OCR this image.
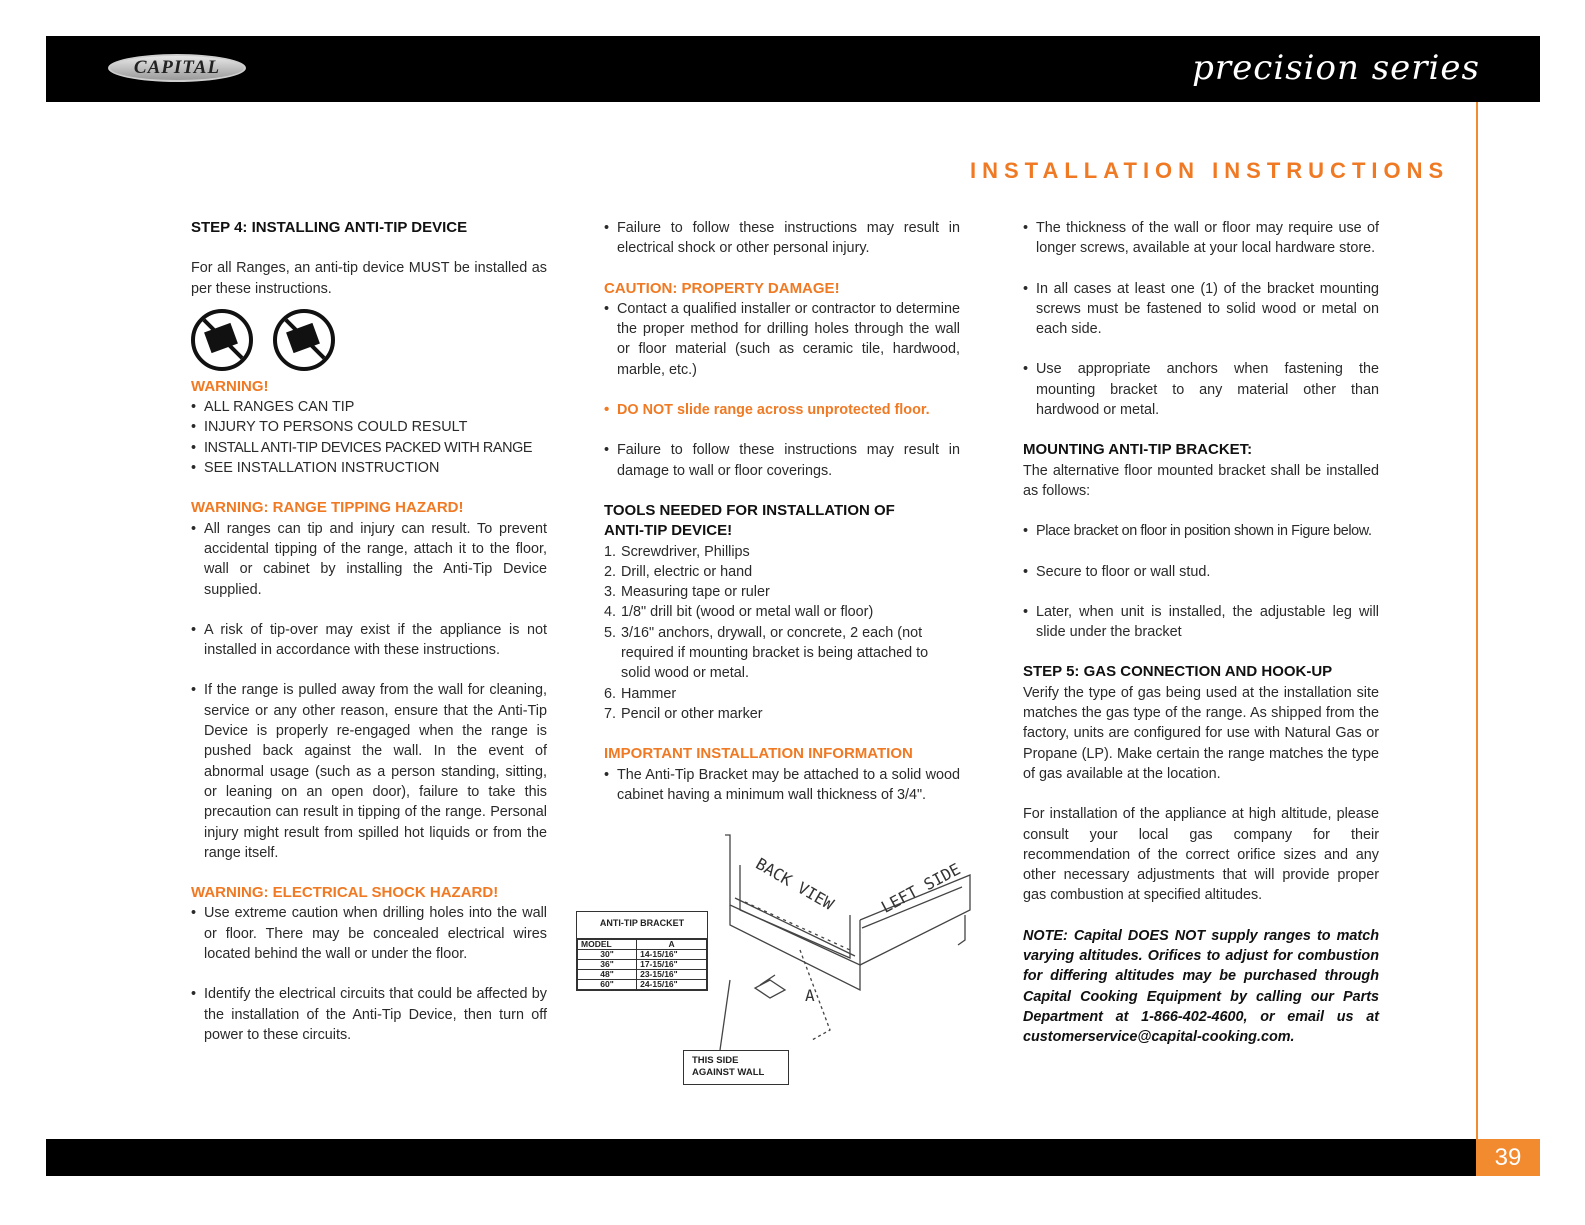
CAPITAL	precision series
INSTALLATION INSTRUCTIONS

STEP 4: INSTALLING ANTI-TIP DEVICE

For all Ranges, an anti-tip device MUST be installed as per these instructions.

WARNING!

• ALL RANGES CAN TIP
• INJURY TO PERSONS COULD RESULT
• INSTALL ANTI-TIP DEVICES PACKED WITH RANGE
• SEE INSTALLATION INSTRUCTION

WARNING: RANGE TIPPING HAZARD!

• All ranges can tip and injury can result. To prevent accidental tipping of the range, attach it to the floor, wall or cabinet by installing the Anti-Tip Device supplied.
• A risk of tip-over may exist if the appliance is not installed in accordance with these instructions.
• If the range is pulled away from the wall for cleaning, service or any other reason, ensure that the Anti-Tip Device is properly re-engaged when the range is pushed back against the wall. In the event of abnormal usage (such as a person standing, sitting, or leaning on an open door), failure to take this precaution can result in tipping of the range. Personal injury might result from spilled hot liquids or from the range itself.

WARNING: ELECTRICAL SHOCK HAZARD!

• Use extreme caution when drilling holes into the wall or floor. There may be concealed electrical wires located behind the wall or under the floor.
• Identify the electrical circuits that could be affected by the installation of the Anti-Tip Device, then turn off power to these circuits.
• Failure to follow these instructions may result in electrical shock or other personal injury.

CAUTION: PROPERTY DAMAGE!

• Contact a qualified installer or contractor to determine the proper method for drilling holes through the wall or floor material (such as ceramic tile, hardwood, marble, etc.)
• DO NOT slide range across unprotected floor.
• Failure to follow these instructions may result in damage to wall or floor coverings.

TOOLS NEEDED FOR INSTALLATION OF
ANTI-TIP DEVICE!

1. Screwdriver, Phillips
2. Drill, electric or hand
3. Measuring tape or ruler
4. 1/8" drill bit (wood or metal wall or floor)
5. 3/16" anchors, drywall, or concrete, 2 each (not required if mounting bracket is being attached to solid wood or metal.
6. Hammer
7. Pencil or other marker

IMPORTANT INSTALLATION INFORMATION

• The Anti-Tip Bracket may be attached to a solid wood cabinet having a minimum wall thickness of 3/4".
BACK VIEW	LEFT SIDE
A
ANTI-TIP BRACKET
MODEL	A
30"	14-15/16"
36"	17-15/16"
48"	23-15/16"
60"	24-15/16"
THIS SIDE
AGAINST WALL
• The thickness of the wall or floor may require use of longer screws, available at your local hardware store.
• In all cases at least one (1) of the bracket mounting screws must be fastened to solid wood or metal on each side.
• Use appropriate anchors when fastening the mounting bracket to any material other than hardwood or metal.

MOUNTING ANTI-TIP BRACKET:

The alternative floor mounted bracket shall be installed as follows:

• Place bracket on floor in position shown in Figure below.
• Secure to floor or wall stud.
• Later, when unit is installed, the adjustable leg will slide under the bracket

STEP 5: GAS CONNECTION AND HOOK-UP

Verify the type of gas being used at the installation site matches the gas type of the range. As shipped from the factory, units are configured for use with Natural Gas or Propane (LP). Make certain the range matches the type of gas available at the location.

For installation of the appliance at high altitude, please consult your local gas company for their recommendation of the correct orifice sizes and any other necessary adjustments that will provide proper gas combustion at specified altitudes.

NOTE: Capital DOES NOT supply ranges to match varying altitudes. Orifices to adjust for combustion for differing altitudes may be purchased through Capital Cooking Equipment by calling our Parts Department at 1-866-402-4600, or email us at customerservice@capital-cooking.com.

39
